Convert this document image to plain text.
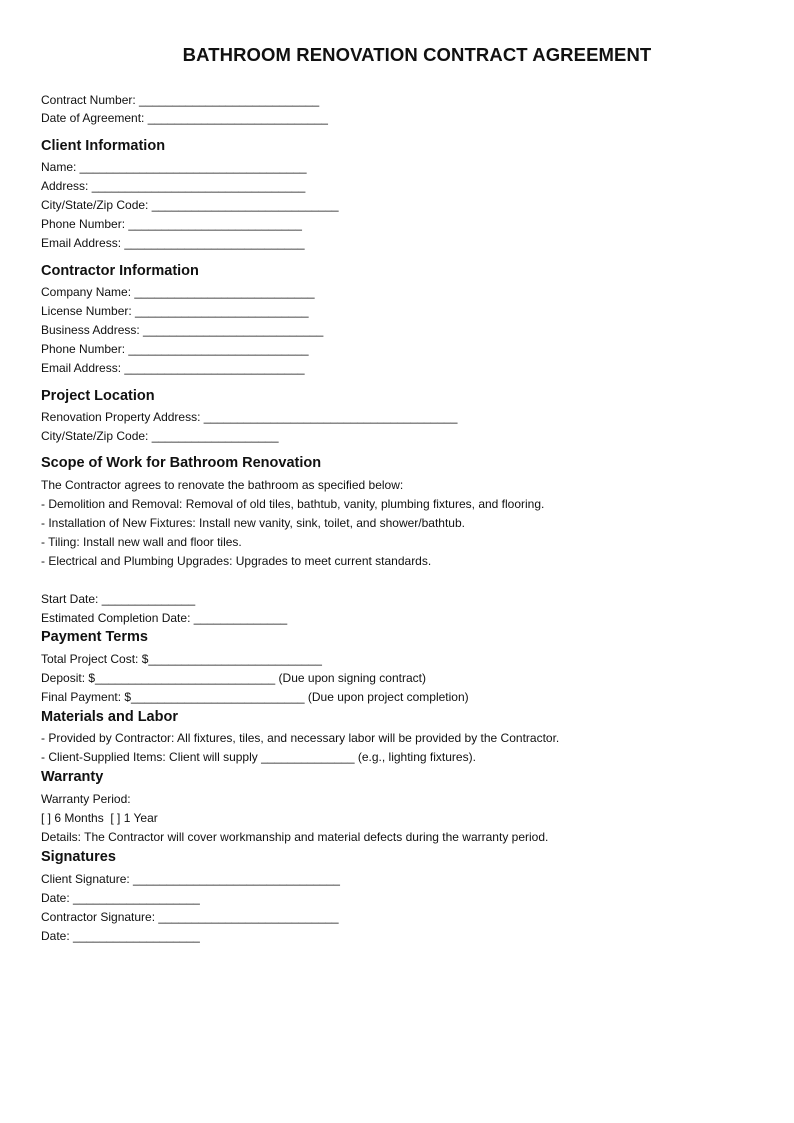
BATHROOM RENOVATION CONTRACT AGREEMENT
Contract Number: ___________________________
Date of Agreement: ___________________________
Client Information
Name: __________________________________
Address: ________________________________
City/State/Zip Code: ____________________________
Phone Number: __________________________
Email Address: ___________________________
Contractor Information
Company Name: ___________________________
License Number: __________________________
Business Address: ___________________________
Phone Number: ___________________________
Email Address: ___________________________
Project Location
Renovation Property Address: ______________________________________
City/State/Zip Code: ___________________
Scope of Work for Bathroom Renovation
The Contractor agrees to renovate the bathroom as specified below:
- Demolition and Removal: Removal of old tiles, bathtub, vanity, plumbing fixtures, and flooring.
- Installation of New Fixtures: Install new vanity, sink, toilet, and shower/bathtub.
- Tiling: Install new wall and floor tiles.
- Electrical and Plumbing Upgrades: Upgrades to meet current standards.
Start Date: ______________
Estimated Completion Date: ______________
Payment Terms
Total Project Cost: $__________________________
Deposit: $___________________________ (Due upon signing contract)
Final Payment: $__________________________ (Due upon project completion)
Materials and Labor
- Provided by Contractor: All fixtures, tiles, and necessary labor will be provided by the Contractor.
- Client-Supplied Items: Client will supply ______________ (e.g., lighting fixtures).
Warranty
Warranty Period:
[ ] 6 Months  [ ] 1 Year
Details: The Contractor will cover workmanship and material defects during the warranty period.
Signatures
Client Signature: _______________________________
Date: ___________________
Contractor Signature: ___________________________
Date: ___________________
